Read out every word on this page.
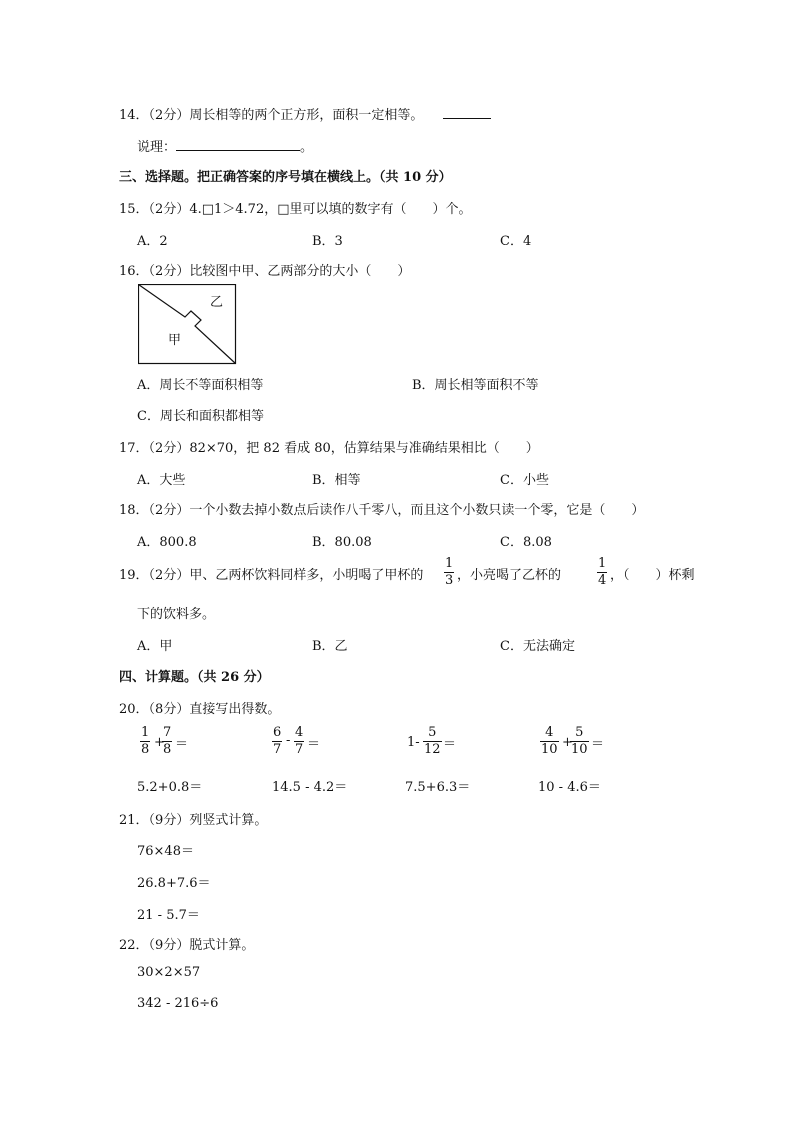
14．（2分）周长相等的两个正方形，面积一定相等。
说理：	。
三、选择题。把正确答案的序号填在横线上。（共 10 分）
15．（2分）4.□1＞4.72，□里可以填的数字有（　　）个。
A．2	B．3	C．4
16．（2分）比较图中甲、乙两部分的大小（　　）
乙
甲
A．周长不等面积相等	B．周长相等面积不等
C．周长和面积都相等
17．（2分）82×70，把 82 看成 80，估算结果与准确结果相比（　　）
A．大些	B．相等	C．小些
18．（2分）一个小数去掉小数点后读作八千零八，而且这个小数只读一个零，它是（　　）
A．800.8	B．80.08	C．8.08
19．（2分）甲、乙两杯饮料同样多，小明喝了甲杯的
1
3 ，小亮喝了乙杯的
1
4 ，（　　）杯剩
下的饮料多。
A．甲	B．乙	C．无法确定
四、计算题。（共 26 分）
20．（8分）直接写出得数。
1
8 +
7
8 ＝
6
7
-
4
7 ＝	1-
5
12 ＝
4
10 +
5
10 ＝
5.2+0.8＝	14.5 - 4.2＝	7.5+6.3＝	10 - 4.6＝
21．（9分）列竖式计算。
76×48＝
26.8+7.6＝
21 - 5.7＝
22．（9分）脱式计算。
30×2×57
342 - 216÷6
